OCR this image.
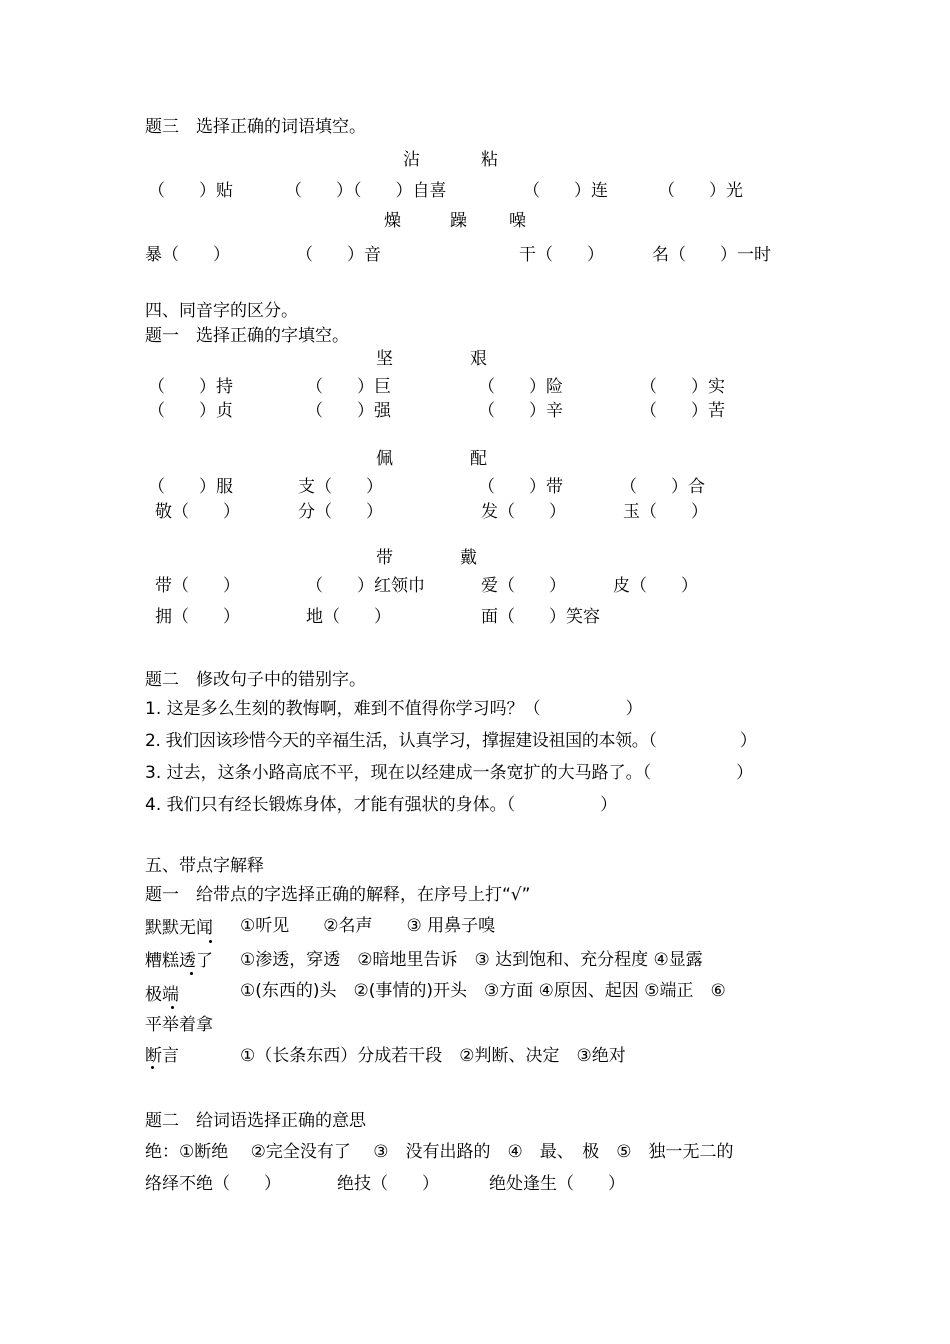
题三　选择正确的词语填空。
沾	粘
（　　）贴	（　　）（　　）自喜	（　　）连	（　　）光
燥	躁 噪
暴（　　）	（　　）音	干（　　）	名（　　）一时
四、同音字的区分。
题一　选择正确的字填空。
坚	艰
（　　）持	（　　）巨	（　　）险	（　　）实
（　　）贞	（　　）强	（　　）辛	（　　）苦
佩	配
（　　）服	支（　　）	（　　）带	（　　）合
敬（　　）	分（　　）	发（　　）	玉（　　）
带	戴
带（　　）	（　　）红领巾	爱（　　）	皮（　　）
拥（　　）	地（　　）	面（　　）笑容
题二　修改句子中的错别字。
1. 这是多么生刻的教悔啊，难到不值得你学习吗？（　　　　　）
2. 我们因该珍惜今天的辛福生活，认真学习，撑握建设祖国的本领。（　　　　　）
3. 过去，这条小路高底不平，现在以经建成一条宽扩的大马路了。（　　　　　）
4. 我们只有经长锻炼身体，才能有强状的身体。（　　　　　）
五、带点字解释
题一　给带点的字选择正确的解释，在序号上打“√”
默默无闻 ①听见　　②名声　　③ 用鼻子嗅
糟糕透了 ①渗透，穿透　②暗地里告诉　③ 达到饱和、充分程度 ④显露
极端	①(东西的)头　②(事情的)开头　③方面 ④原因、起因 ⑤端正　⑥
平举着拿
断言	①（长条东西）分成若干段　②判断、决定　③绝对
题二　给词语选择正确的意思
绝：①断绝　 ②完全没有了　 ③　没有出路的　④　最、　极　⑤　独一无二的
络绎不绝（　　）	绝技（　　）	绝处逢生（　　）
